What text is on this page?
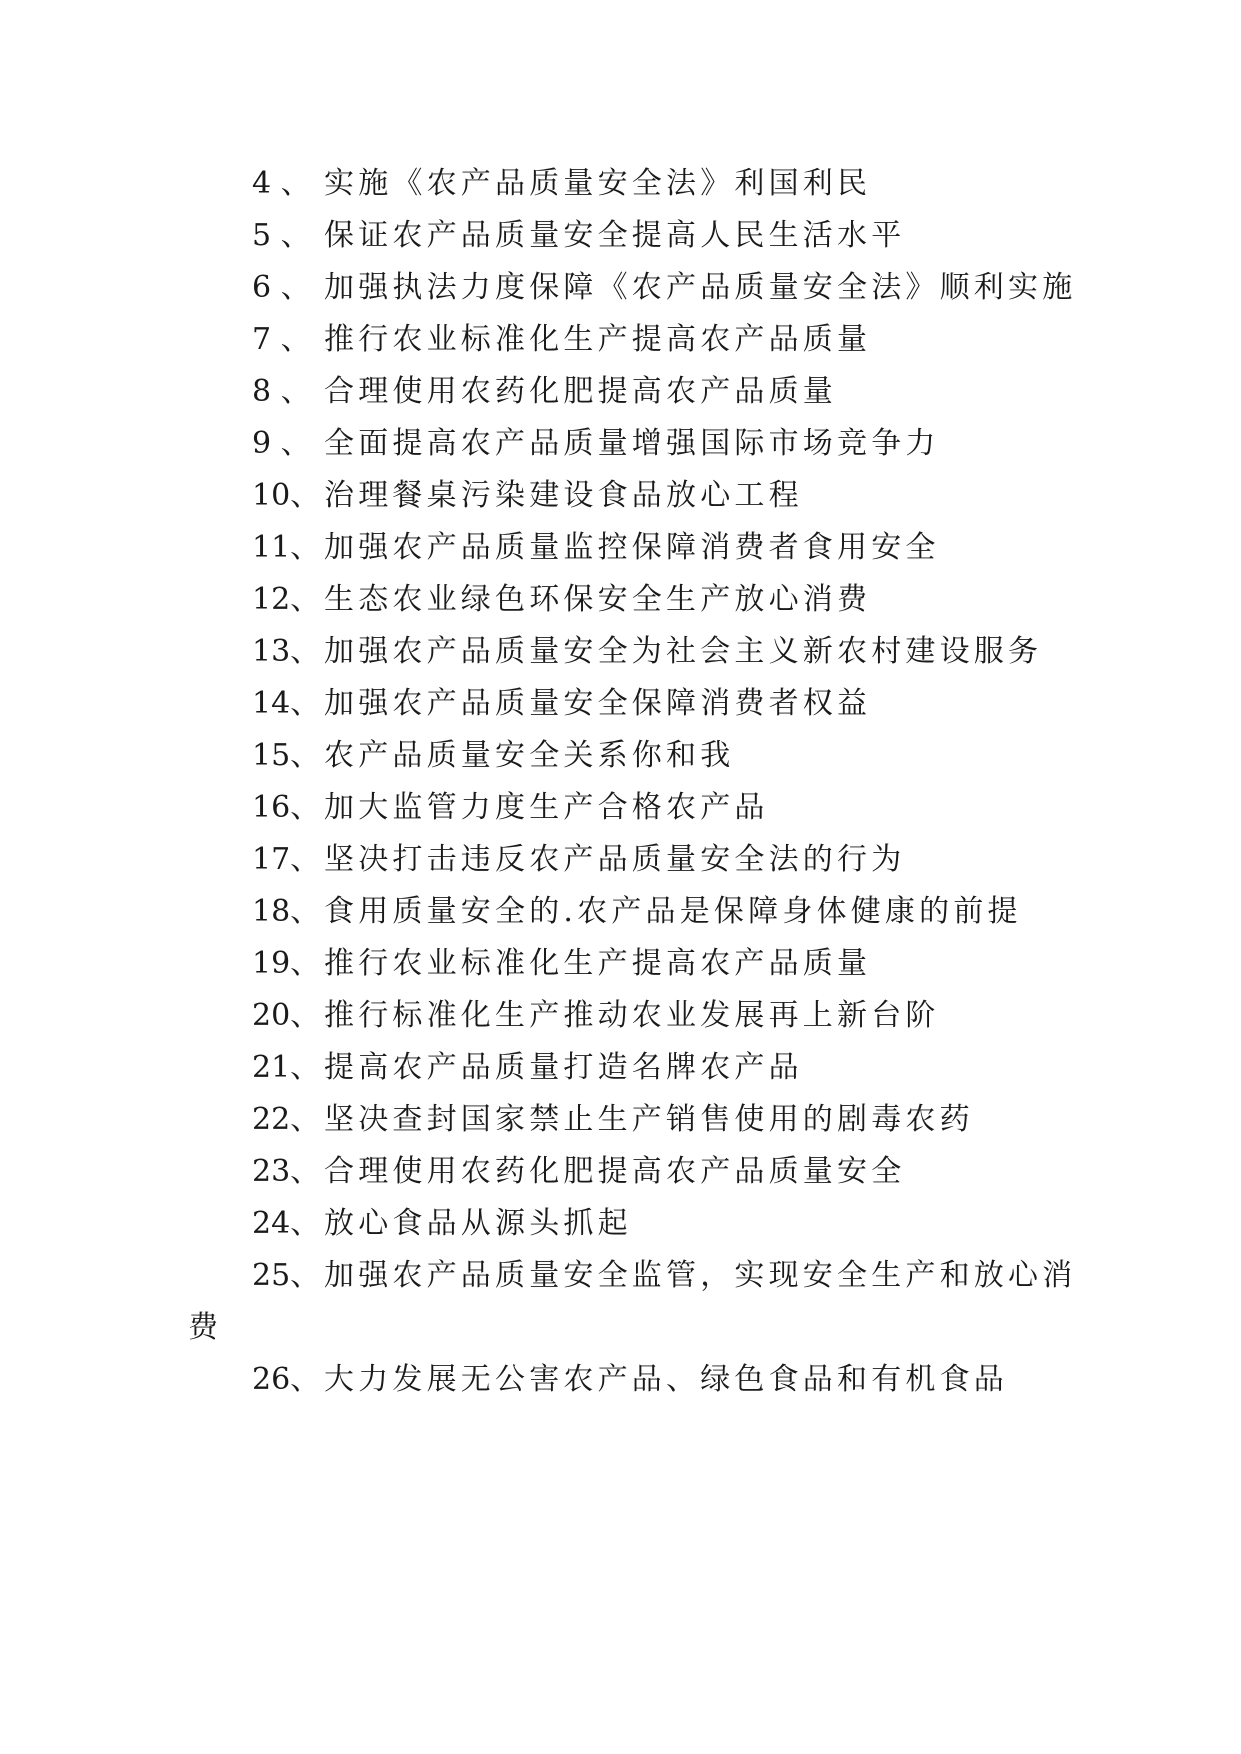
4 、 实施《农产品质量安全法》利国利民
5 、 保证农产品质量安全提高人民生活水平
6 、 加强执法力度保障《农产品质量安全法》顺利实施
7 、 推行农业标准化生产提高农产品质量
8 、 合理使用农药化肥提高农产品质量
9 、 全面提高农产品质量增强国际市场竞争力
10、 治理餐桌污染建设食品放心工程
11、 加强农产品质量监控保障消费者食用安全
12、 生态农业绿色环保安全生产放心消费
13、 加强农产品质量安全为社会主义新农村建设服务
14、 加强农产品质量安全保障消费者权益
15、 农产品质量安全关系你和我
16、 加大监管力度生产合格农产品
17、 坚决打击违反农产品质量安全法的行为
18、 食用质量安全的.农产品是保障身体健康的前提
19、 推行农业标准化生产提高农产品质量
20、 推行标准化生产推动农业发展再上新台阶
21、 提高农产品质量打造名牌农产品
22、 坚决查封国家禁止生产销售使用的剧毒农药
23、 合理使用农药化肥提高农产品质量安全
24、 放心食品从源头抓起
25、 加强农产品质量安全监管，实现安全生产和放心消
费
26、 大力发展无公害农产品、绿色食品和有机食品
